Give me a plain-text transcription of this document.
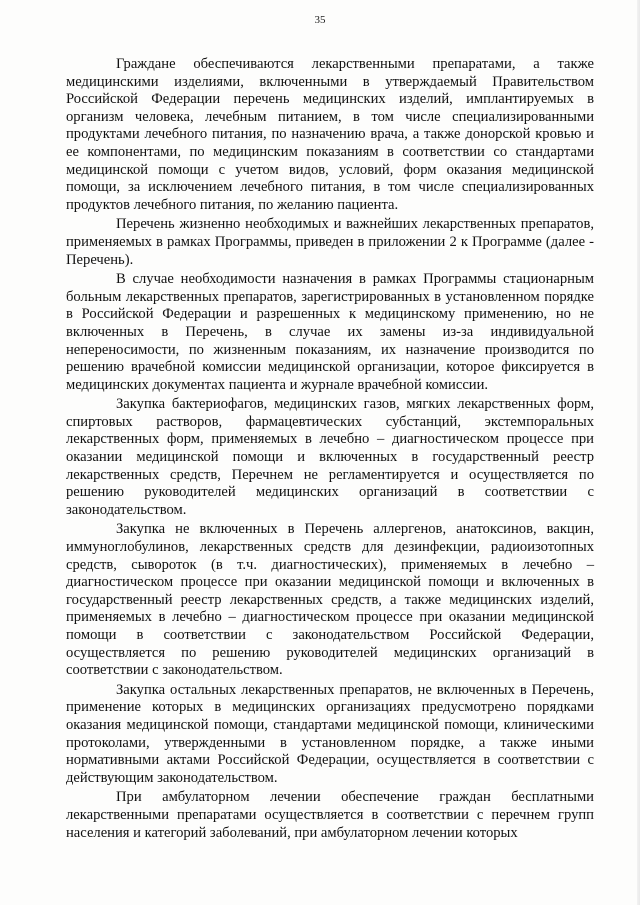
35

Граждане обеспечиваются лекарственными препаратами, а также медицинскими изделиями, включенными в утверждаемый Правительством Российской Федерации перечень медицинских изделий, имплантируемых в организм человека, лечебным питанием, в том числе специализированными продуктами лечебного питания, по назначению врача, а также донорской кровью и ее компонентами, по медицинским показаниям в соответствии со стандартами медицинской помощи с учетом видов, условий, форм оказания медицинской помощи, за исключением лечебного питания, в том числе специализированных продуктов лечебного питания, по желанию пациента.

Перечень жизненно необходимых и важнейших лекарственных препаратов, применяемых в рамках Программы, приведен в приложении 2 к Программе (далее - Перечень).

В случае необходимости назначения в рамках Программы стационарным больным лекарственных препаратов, зарегистрированных в установленном порядке в Российской Федерации и разрешенных к медицинскому применению, но не включенных в Перечень, в случае их замены из-за индивидуальной непереносимости, по жизненным показаниям, их назначение производится по решению врачебной комиссии медицинской организации, которое фиксируется в медицинских документах пациента и журнале врачебной комиссии.

Закупка бактериофагов, медицинских газов, мягких лекарственных форм, спиртовых растворов, фармацевтических субстанций, экстемпоральных лекарственных форм, применяемых в лечебно – диагностическом процессе при оказании медицинской помощи и включенных в государственный реестр лекарственных средств, Перечнем не регламентируется и осуществляется по решению руководителей медицинских организаций в соответствии с законодательством.

Закупка не включенных в Перечень аллергенов, анатоксинов, вакцин, иммуноглобулинов, лекарственных средств для дезинфекции, радиоизотопных средств, сывороток (в т.ч. диагностических), применяемых в лечебно – диагностическом процессе при оказании медицинской помощи и включенных в государственный реестр лекарственных средств, а также медицинских изделий, применяемых в лечебно – диагностическом процессе при оказании медицинской помощи в соответствии с законодательством Российской Федерации, осуществляется по решению руководителей медицинских организаций в соответствии с законодательством.

Закупка остальных лекарственных препаратов, не включенных в Перечень, применение которых в медицинских организациях предусмотрено порядками оказания медицинской помощи, стандартами медицинской помощи, клиническими протоколами, утвержденными в установленном порядке, а также иными нормативными актами Российской Федерации, осуществляется в соответствии с действующим законодательством.

При амбулаторном лечении обеспечение граждан бесплатными лекарственными препаратами осуществляется в соответствии с перечнем групп населения и категорий заболеваний, при амбулаторном лечении которых
